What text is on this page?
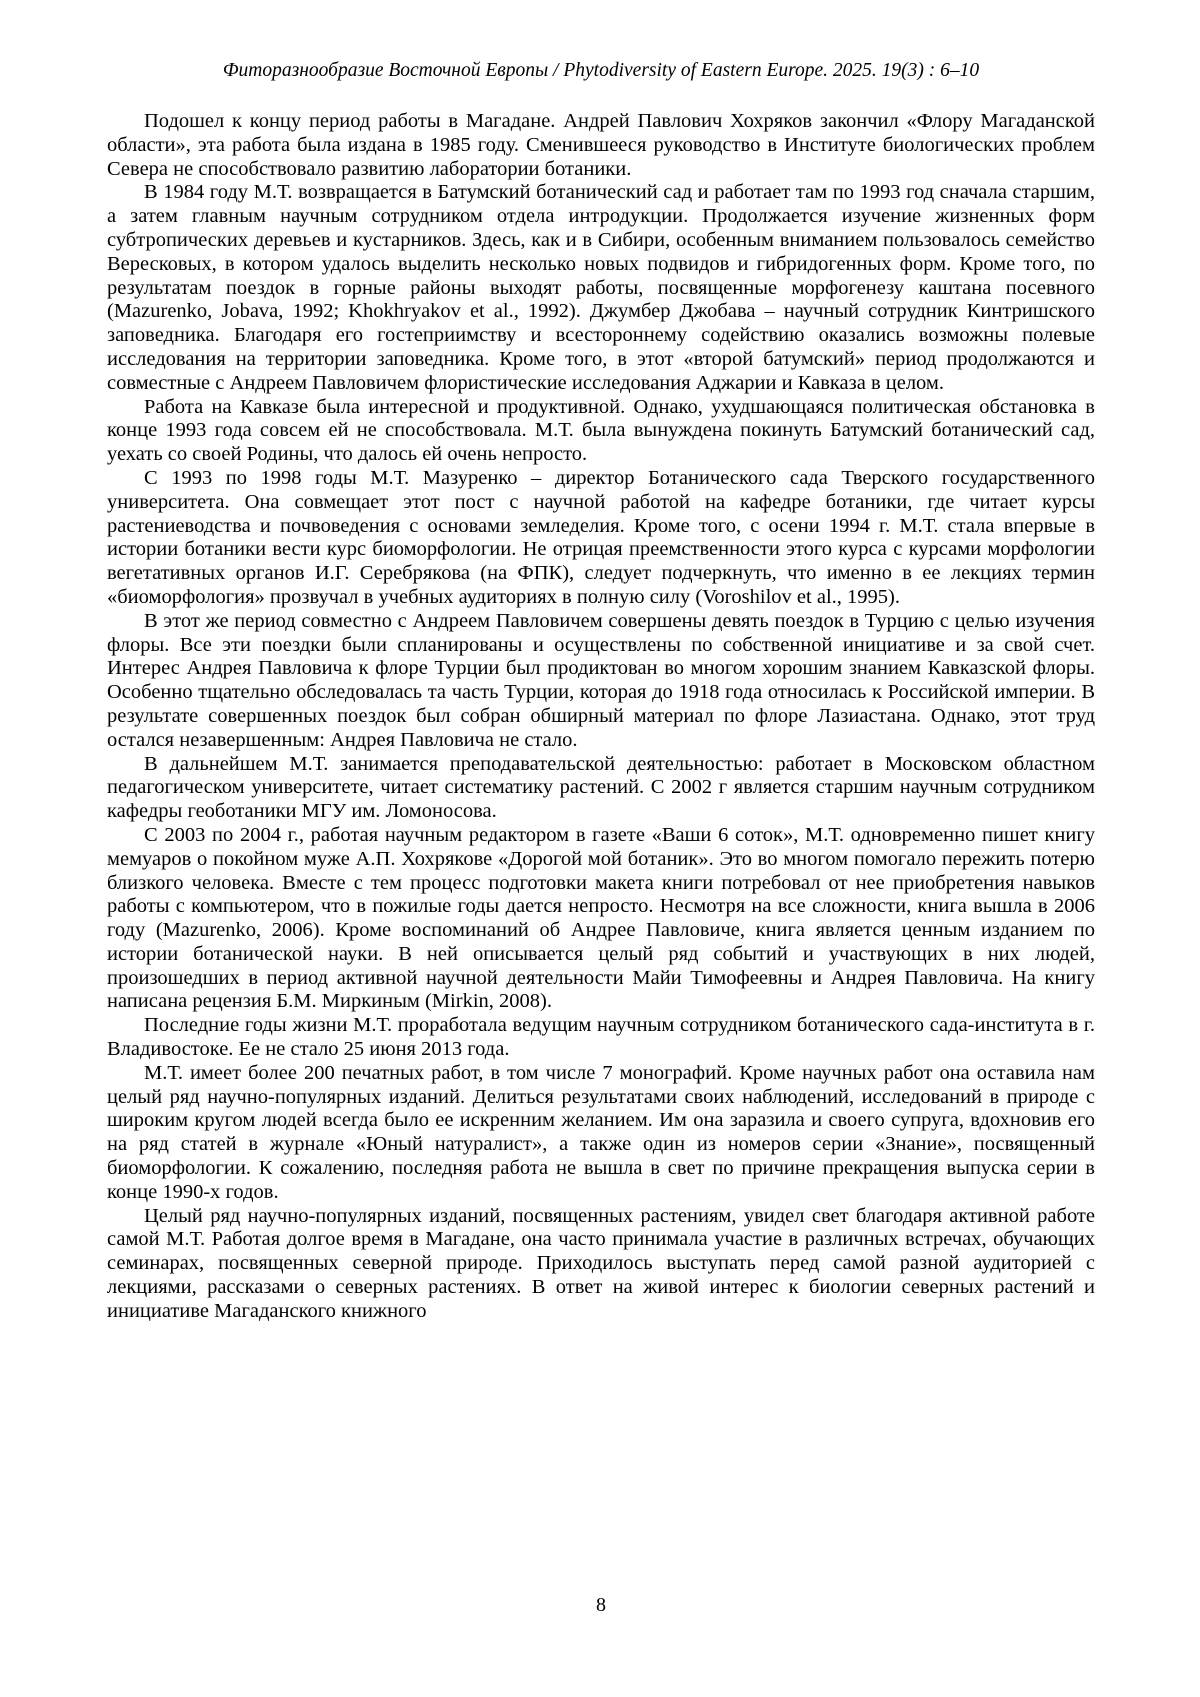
Фиторазнообразие Восточной Европы / Phytodiversity of Eastern Europe. 2025. 19(3) : 6–10

Подошел к концу период работы в Магадане. Андрей Павлович Хохряков закончил «Флору Магаданской области», эта работа была издана в 1985 году. Сменившееся руководство в Институте биологических проблем Севера не способствовало развитию лаборатории ботаники.

В 1984 году М.Т. возвращается в Батумский ботанический сад и работает там по 1993 год сначала старшим, а затем главным научным сотрудником отдела интродукции. Продолжается изучение жизненных форм субтропических деревьев и кустарников. Здесь, как и в Сибири, особенным вниманием пользовалось семейство Вересковых, в котором удалось выделить несколько новых подвидов и гибридогенных форм. Кроме того, по результатам поездок в горные районы выходят работы, посвященные морфогенезу каштана посевного (Mazurenko, Jobava, 1992; Khokhryakov et al., 1992). Джумбер Джобава – научный сотрудник Кинтришского заповедника. Благодаря его гостеприимству и всестороннему содействию оказались возможны полевые исследования на территории заповедника. Кроме того, в этот «второй батумский» период продолжаются и совместные с Андреем Павловичем флористические исследования Аджарии и Кавказа в целом.

Работа на Кавказе была интересной и продуктивной. Однако, ухудшающаяся политическая обстановка в конце 1993 года совсем ей не способствовала. М.Т. была вынуждена покинуть Батумский ботанический сад, уехать со своей Родины, что далось ей очень непросто.

С 1993 по 1998 годы М.Т. Мазуренко – директор Ботанического сада Тверского государственного университета. Она совмещает этот пост с научной работой на кафедре ботаники, где читает курсы растениеводства и почвоведения с основами земледелия. Кроме того, с осени 1994 г. М.Т. стала впервые в истории ботаники вести курс биоморфологии. Не отрицая преемственности этого курса с курсами морфологии вегетативных органов И.Г. Серебрякова (на ФПК), следует подчеркнуть, что именно в ее лекциях термин «биоморфология» прозвучал в учебных аудиториях в полную силу (Voroshilov et al., 1995).

В этот же период совместно с Андреем Павловичем совершены девять поездок в Турцию с целью изучения флоры. Все эти поездки были спланированы и осуществлены по собственной инициативе и за свой счет. Интерес Андрея Павловича к флоре Турции был продиктован во многом хорошим знанием Кавказской флоры. Особенно тщательно обследовалась та часть Турции, которая до 1918 года относилась к Российской империи. В результате совершенных поездок был собран обширный материал по флоре Лазиастана. Однако, этот труд остался незавершенным: Андрея Павловича не стало.

В дальнейшем М.Т. занимается преподавательской деятельностью: работает в Московском областном педагогическом университете, читает систематику растений. С 2002 г является старшим научным сотрудником кафедры геоботаники МГУ им. Ломоносова.

С 2003 по 2004 г., работая научным редактором в газете «Ваши 6 соток», М.Т. одновременно пишет книгу мемуаров о покойном муже А.П. Хохрякове «Дорогой мой ботаник». Это во многом помогало пережить потерю близкого человека. Вместе с тем процесс подготовки макета книги потребовал от нее приобретения навыков работы с компьютером, что в пожилые годы дается непросто. Несмотря на все сложности, книга вышла в 2006 году (Mazurenko, 2006). Кроме воспоминаний об Андрее Павловиче, книга является ценным изданием по истории ботанической науки. В ней описывается целый ряд событий и участвующих в них людей, произошедших в период активной научной деятельности Майи Тимофеевны и Андрея Павловича. На книгу написана рецензия Б.М. Миркиным (Mirkin, 2008).

Последние годы жизни М.Т. проработала ведущим научным сотрудником ботанического сада-института в г. Владивостоке. Ее не стало 25 июня 2013 года.

М.Т. имеет более 200 печатных работ, в том числе 7 монографий. Кроме научных работ она оставила нам целый ряд научно-популярных изданий. Делиться результатами своих наблюдений, исследований в природе с широким кругом людей всегда было ее искренним желанием. Им она заразила и своего супруга, вдохновив его на ряд статей в журнале «Юный натуралист», а также один из номеров серии «Знание», посвященный биоморфологии. К сожалению, последняя работа не вышла в свет по причине прекращения выпуска серии в конце 1990-х годов.

Целый ряд научно-популярных изданий, посвященных растениям, увидел свет благодаря активной работе самой М.Т. Работая долгое время в Магадане, она часто принимала участие в различных встречах, обучающих семинарах, посвященных северной природе. Приходилось выступать перед самой разной аудиторией с лекциями, рассказами о северных растениях. В ответ на живой интерес к биологии северных растений и инициативе Магаданского книжного

8
